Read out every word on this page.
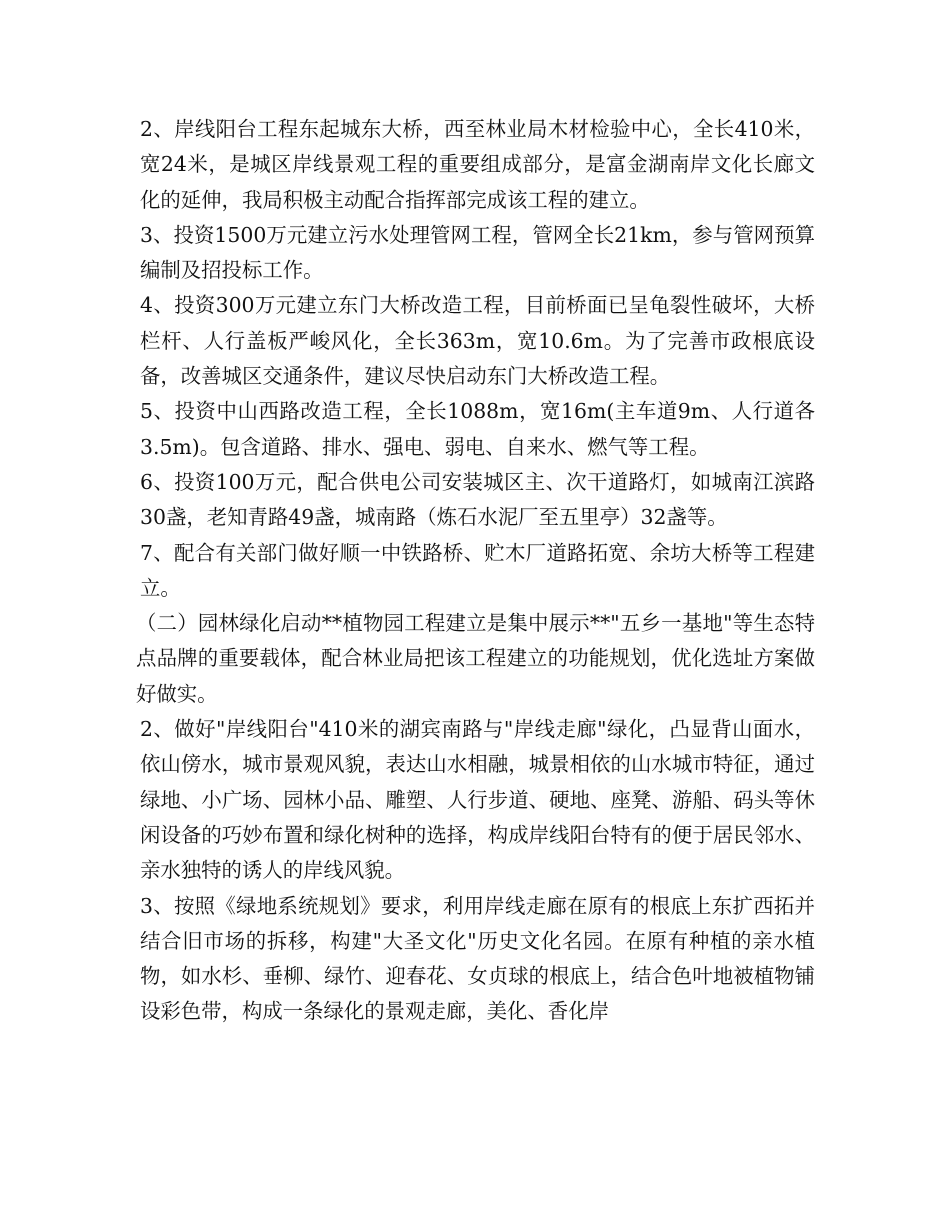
2、岸线阳台工程东起城东大桥，西至林业局木材检验中心，全长410米，宽24米，是城区岸线景观工程的重要组成部分，是富金湖南岸文化长廊文化的延伸，我局积极主动配合指挥部完成该工程的建立。

3、投资1500万元建立污水处理管网工程，管网全长21km，参与管网预算编制及招投标工作。

4、投资300万元建立东门大桥改造工程，目前桥面已呈龟裂性破坏，大桥栏杆、人行盖板严峻风化，全长363m，宽10.6m。为了完善市政根底设备，改善城区交通条件，建议尽快启动东门大桥改造工程。

5、投资中山西路改造工程，全长1088m，宽16m(主车道9m、人行道各3.5m)。包含道路、排水、强电、弱电、自来水、燃气等工程。

6、投资100万元，配合供电公司安装城区主、次干道路灯，如城南江滨路30盏，老知青路49盏，城南路（炼石水泥厂至五里亭）32盏等。

7、配合有关部门做好顺一中铁路桥、贮木厂道路拓宽、余坊大桥等工程建立。

（二）园林绿化启动**植物园工程建立是集中展示**"五乡一基地"等生态特点品牌的重要载体，配合林业局把该工程建立的功能规划，优化选址方案做好做实。

2、做好"岸线阳台"410米的湖宾南路与"岸线走廊"绿化，凸显背山面水，依山傍水，城市景观风貌，表达山水相融，城景相依的山水城市特征，通过绿地、小广场、园林小品、雕塑、人行步道、硬地、座凳、游船、码头等休闲设备的巧妙布置和绿化树种的选择，构成岸线阳台特有的便于居民邻水、亲水独特的诱人的岸线风貌。

3、按照《绿地系统规划》要求，利用岸线走廊在原有的根底上东扩西拓并结合旧市场的拆移，构建"大圣文化"历史文化名园。在原有种植的亲水植物，如水杉、垂柳、绿竹、迎春花、女贞球的根底上，结合色叶地被植物铺设彩色带，构成一条绿化的景观走廊，美化、香化岸
